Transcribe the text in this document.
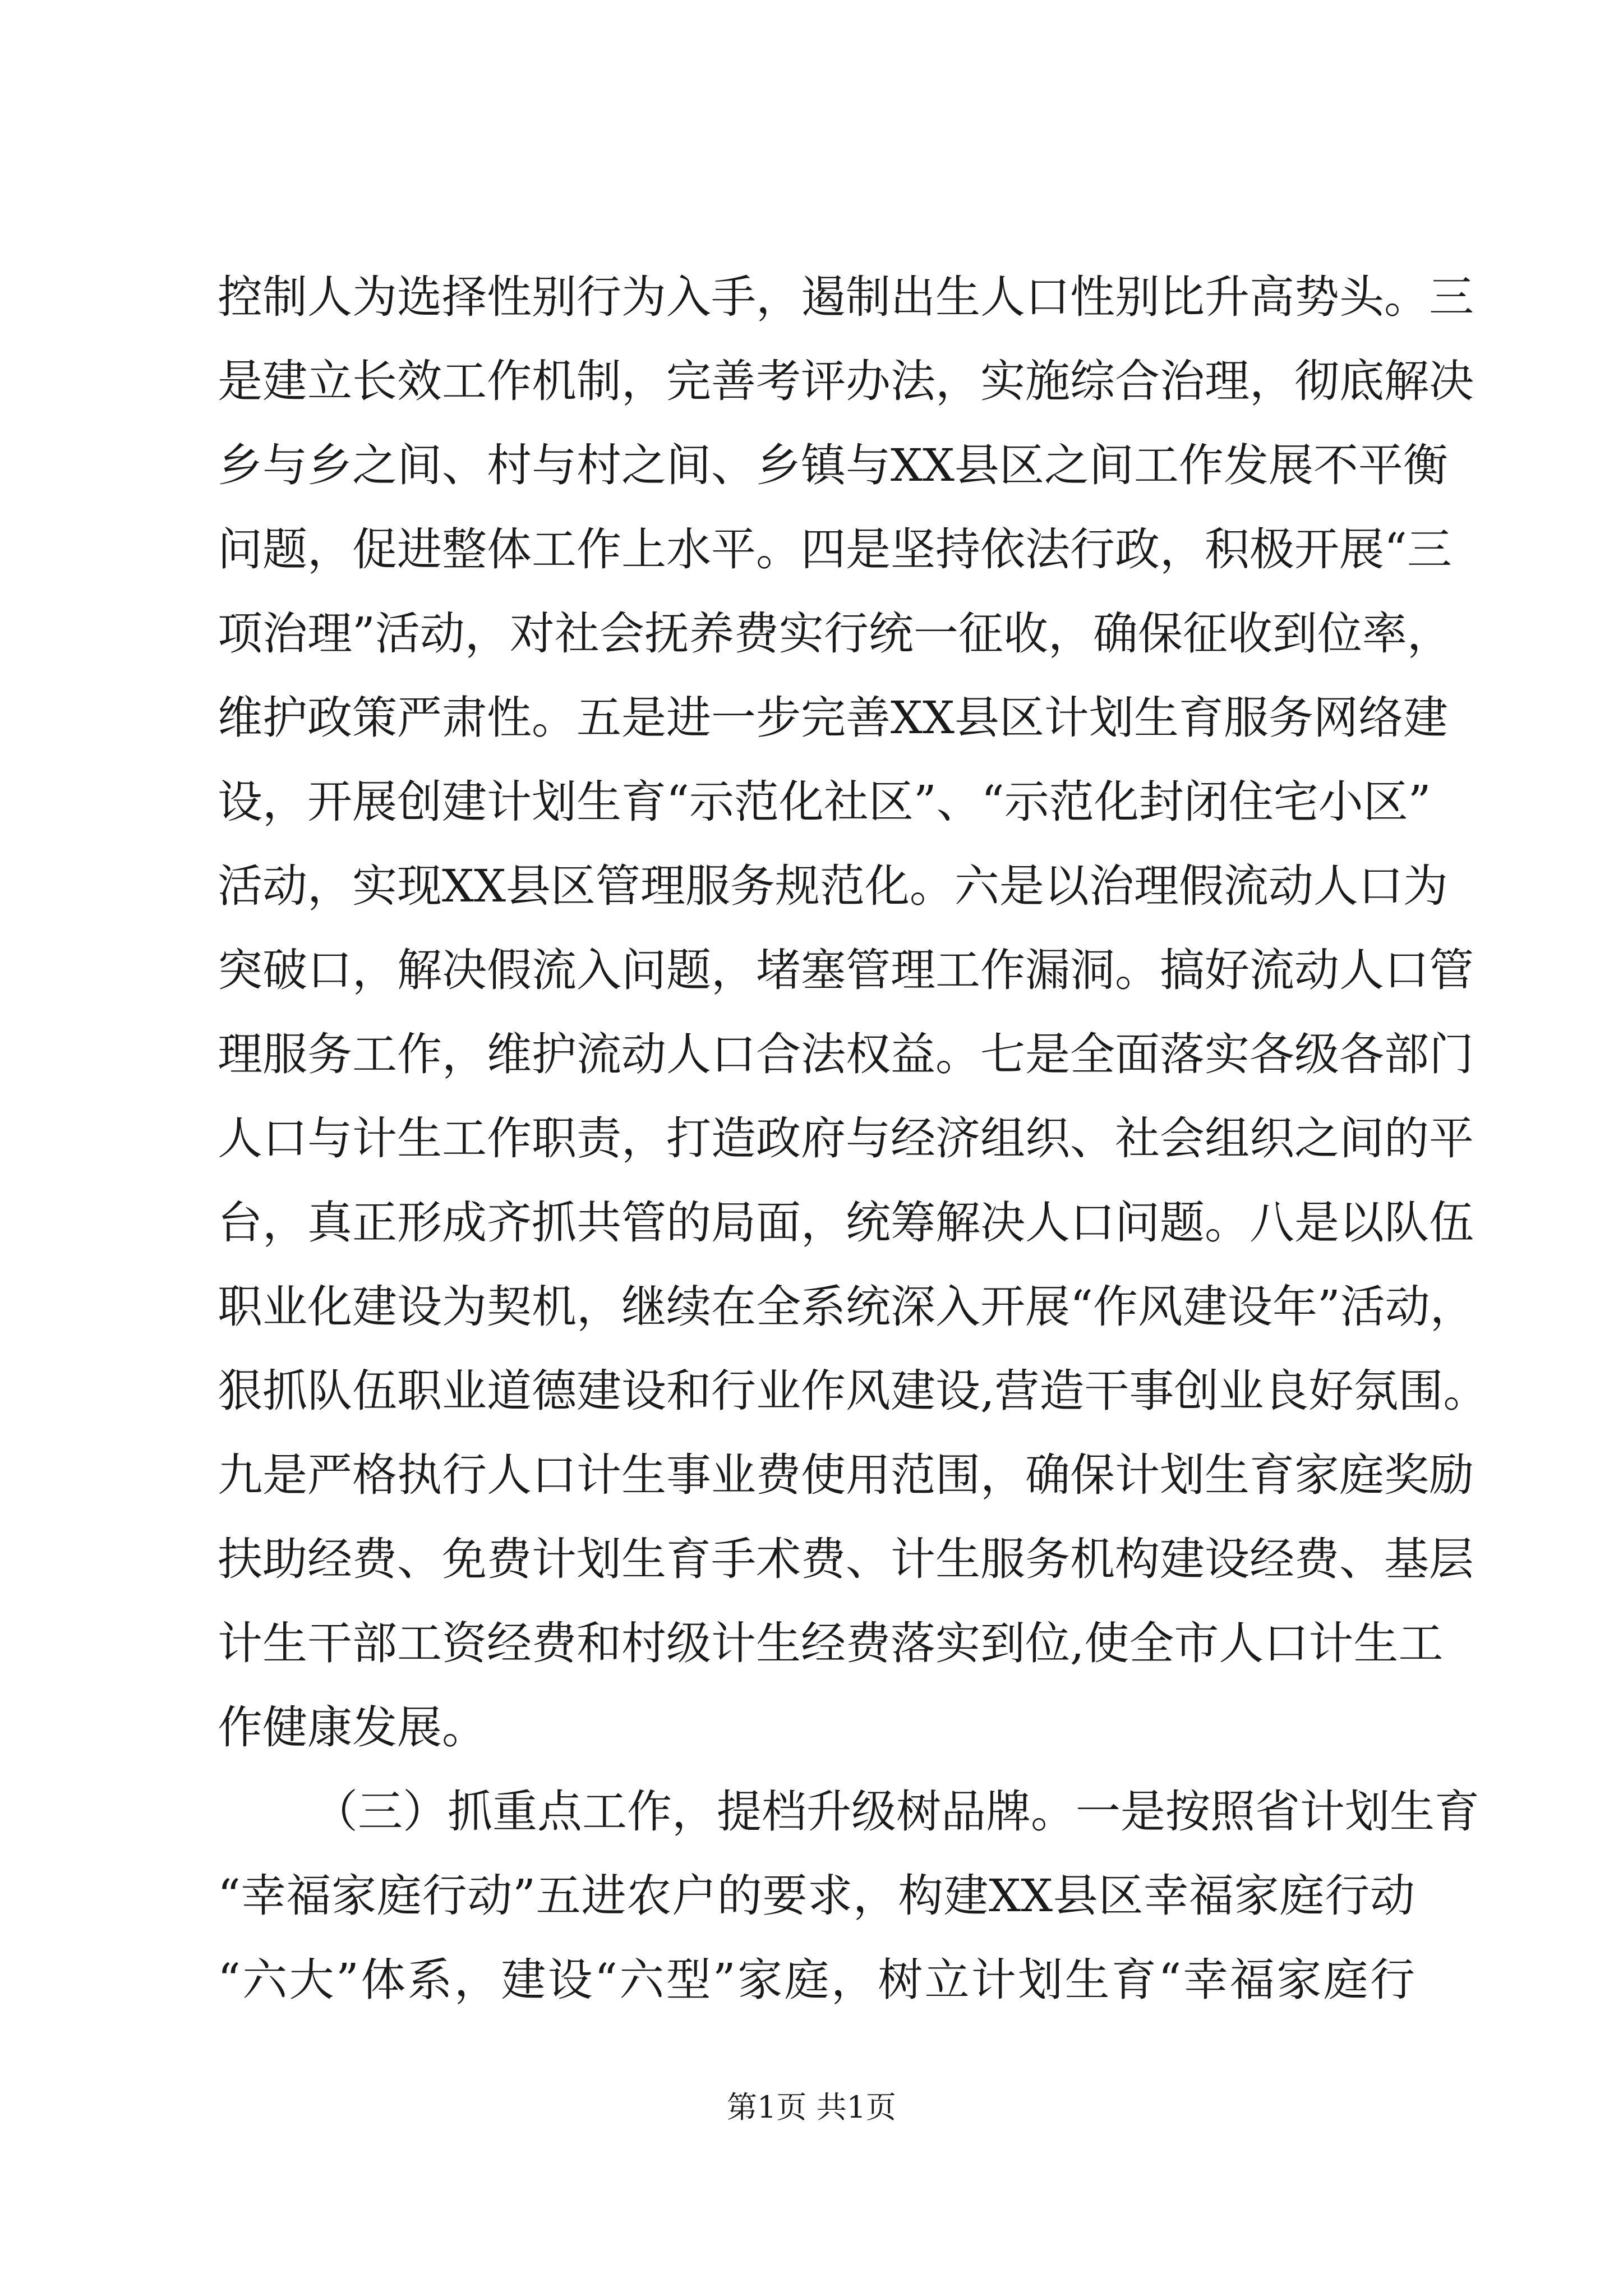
控制人为选择性别行为入手，遏制出生人口性别比升高势头。三
是建立长效工作机制，完善考评办法，实施综合治理，彻底解决
乡与乡之间、村与村之间、乡镇与XX县区之间工作发展不平衡
问题，促进整体工作上水平。四是坚持依法行政，积极开展“三
项治理”活动，对社会抚养费实行统一征收，确保征收到位率，
维护政策严肃性。五是进一步完善XX县区计划生育服务网络建
设，开展创建计划生育“示范化社区”、“示范化封闭住宅小区”
活动，实现XX县区管理服务规范化。六是以治理假流动人口为
突破口，解决假流入问题，堵塞管理工作漏洞。搞好流动人口管
理服务工作，维护流动人口合法权益。七是全面落实各级各部门
人口与计生工作职责，打造政府与经济组织、社会组织之间的平
台，真正形成齐抓共管的局面，统筹解决人口问题。八是以队伍
职业化建设为契机，继续在全系统深入开展“作风建设年”活动，
狠抓队伍职业道德建设和行业作风建设,营造干事创业良好氛围。
九是严格执行人口计生事业费使用范围，确保计划生育家庭奖励
扶助经费、免费计划生育手术费、计生服务机构建设经费、基层
计生干部工资经费和村级计生经费落实到位,使全市人口计生工
作健康发展。
（三）抓重点工作，提档升级树品牌。一是按照省计划生育
“幸福家庭行动”五进农户的要求，构建XX县区幸福家庭行动
“六大”体系，建设“六型”家庭，树立计划生育“幸福家庭行
第1页 共1页
